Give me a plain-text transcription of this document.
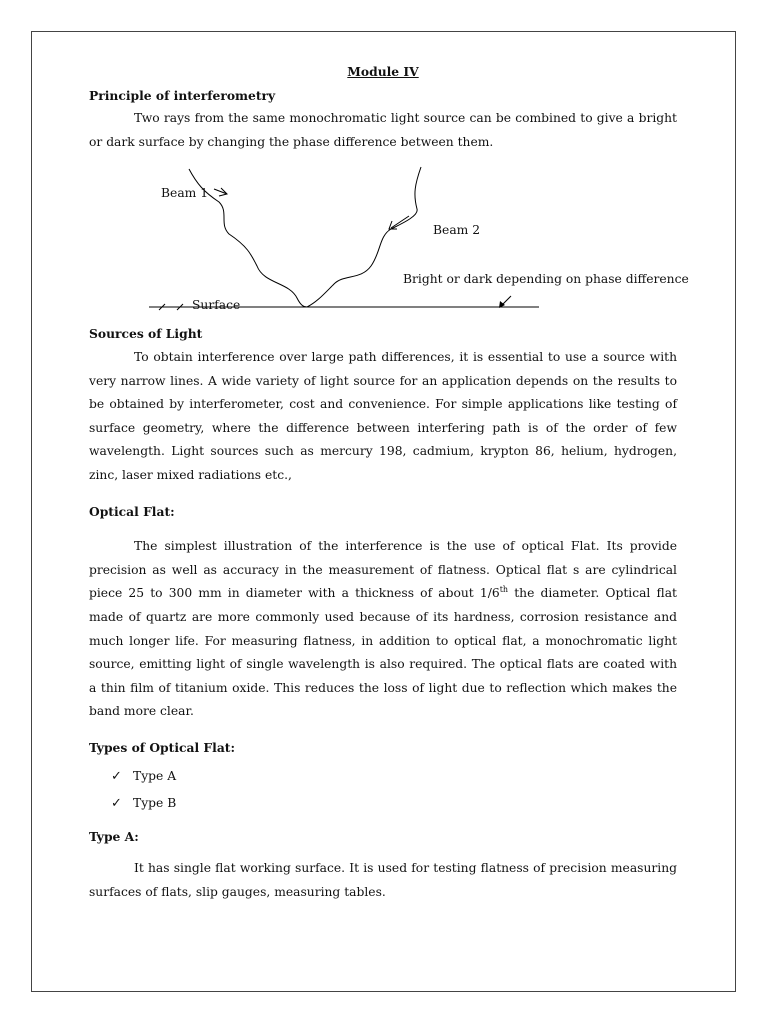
Module IV
Principle of interferometry

Two rays from the same monochromatic light source can be combined to give a bright or dark surface by changing the phase difference between them.

Beam 1
Beam 2
Bright or dark depending on phase difference
Surface
Sources of Light

To obtain interference over large path differences, it is essential to use a source with very narrow lines. A wide variety of light source for an application depends on the results to be obtained by interferometer, cost and convenience. For simple applications like testing of surface geometry, where the difference between interfering path is of the order of few wavelength. Light sources such as mercury 198, cadmium, krypton 86, helium, hydrogen, zinc, laser mixed radiations etc.,

Optical Flat:

The simplest illustration of the interference is the use of optical Flat. Its provide precision as well as accuracy in the measurement of flatness. Optical flat s are cylindrical piece 25 to 300 mm in diameter with a thickness of about 1/6th the diameter. Optical flat made of quartz are more commonly used because of its hardness, corrosion resistance and much longer life. For measuring flatness, in addition to optical flat, a monochromatic light source, emitting light of single wavelength is also required. The optical flats are coated with a thin film of titanium oxide. This reduces the loss of light due to reflection which makes the band more clear.

Types of Optical Flat:
✓ Type A
✓ Type B
Type A:

It has single flat working surface. It is used for testing flatness of precision measuring surfaces of flats, slip gauges, measuring tables.
